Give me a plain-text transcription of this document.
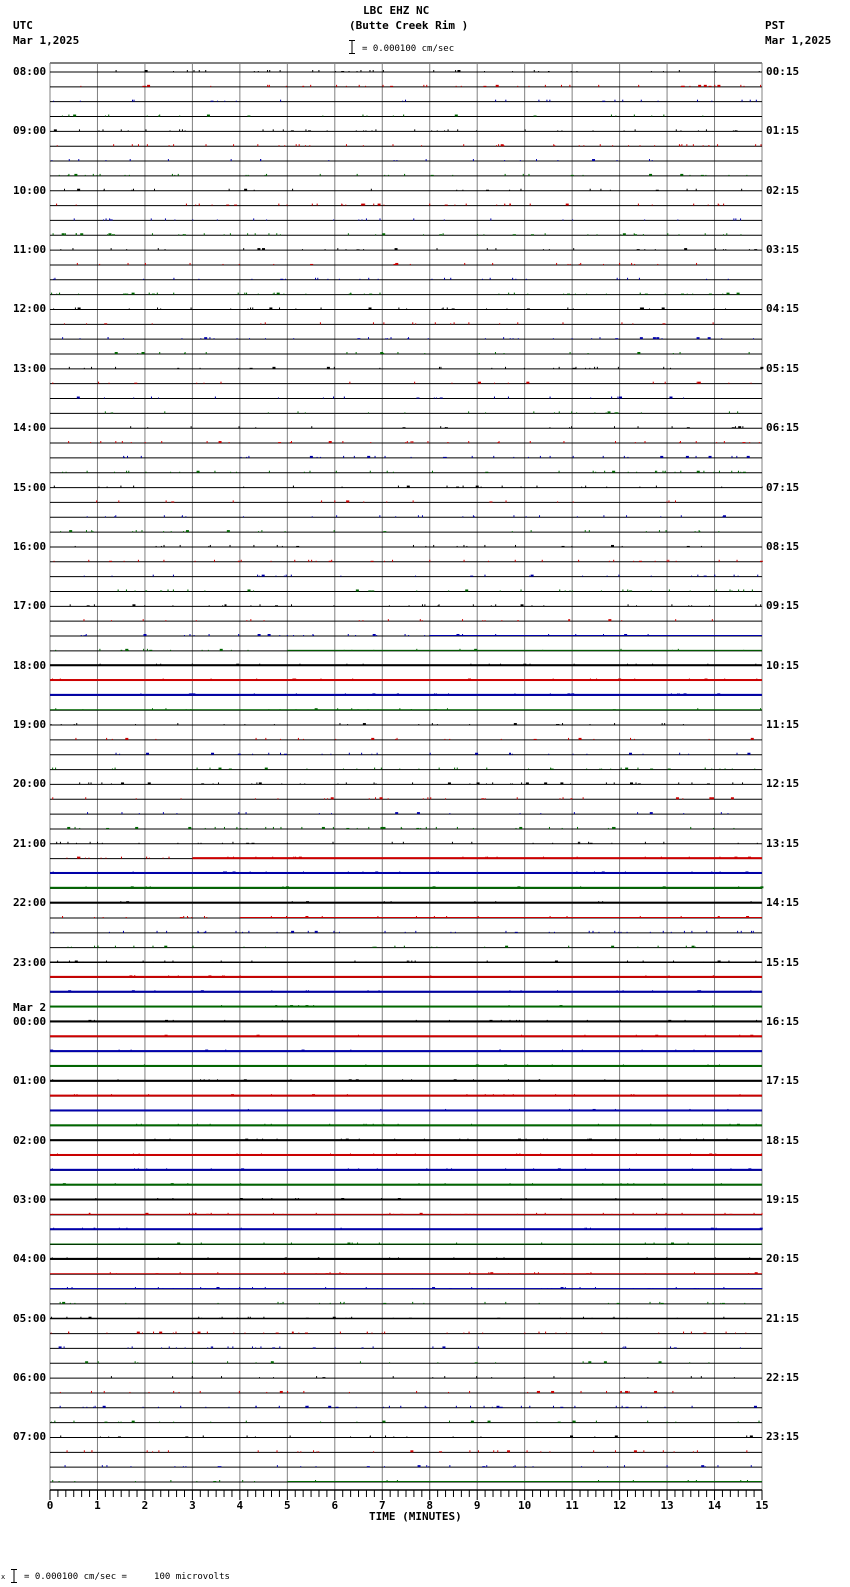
LBC EHZ NC
(Butte Creek Rim )
= 0.000100 cm/sec
UTC
Mar 1,2025
PST
Mar 1,2025
08:00
09:00
10:00
11:00
12:00
13:00
14:00
15:00
16:00
17:00
18:00
19:00
20:00
21:00
22:00
23:00
00:00
Mar 2
01:00
02:00
03:00
04:00
05:00
06:00
07:00
00:15
01:15
02:15
03:15
04:15
05:15
06:15
07:15
08:15
09:15
10:15
11:15
12:15
13:15
14:15
15:15
16:15
17:15
18:15
19:15
20:15
21:15
22:15
23:15
0	1	2	3	4	5	6	7	8	9	10	11	12	13	14	15
TIME (MINUTES)
x = 0.000100 cm/sec =     100 microvolts
